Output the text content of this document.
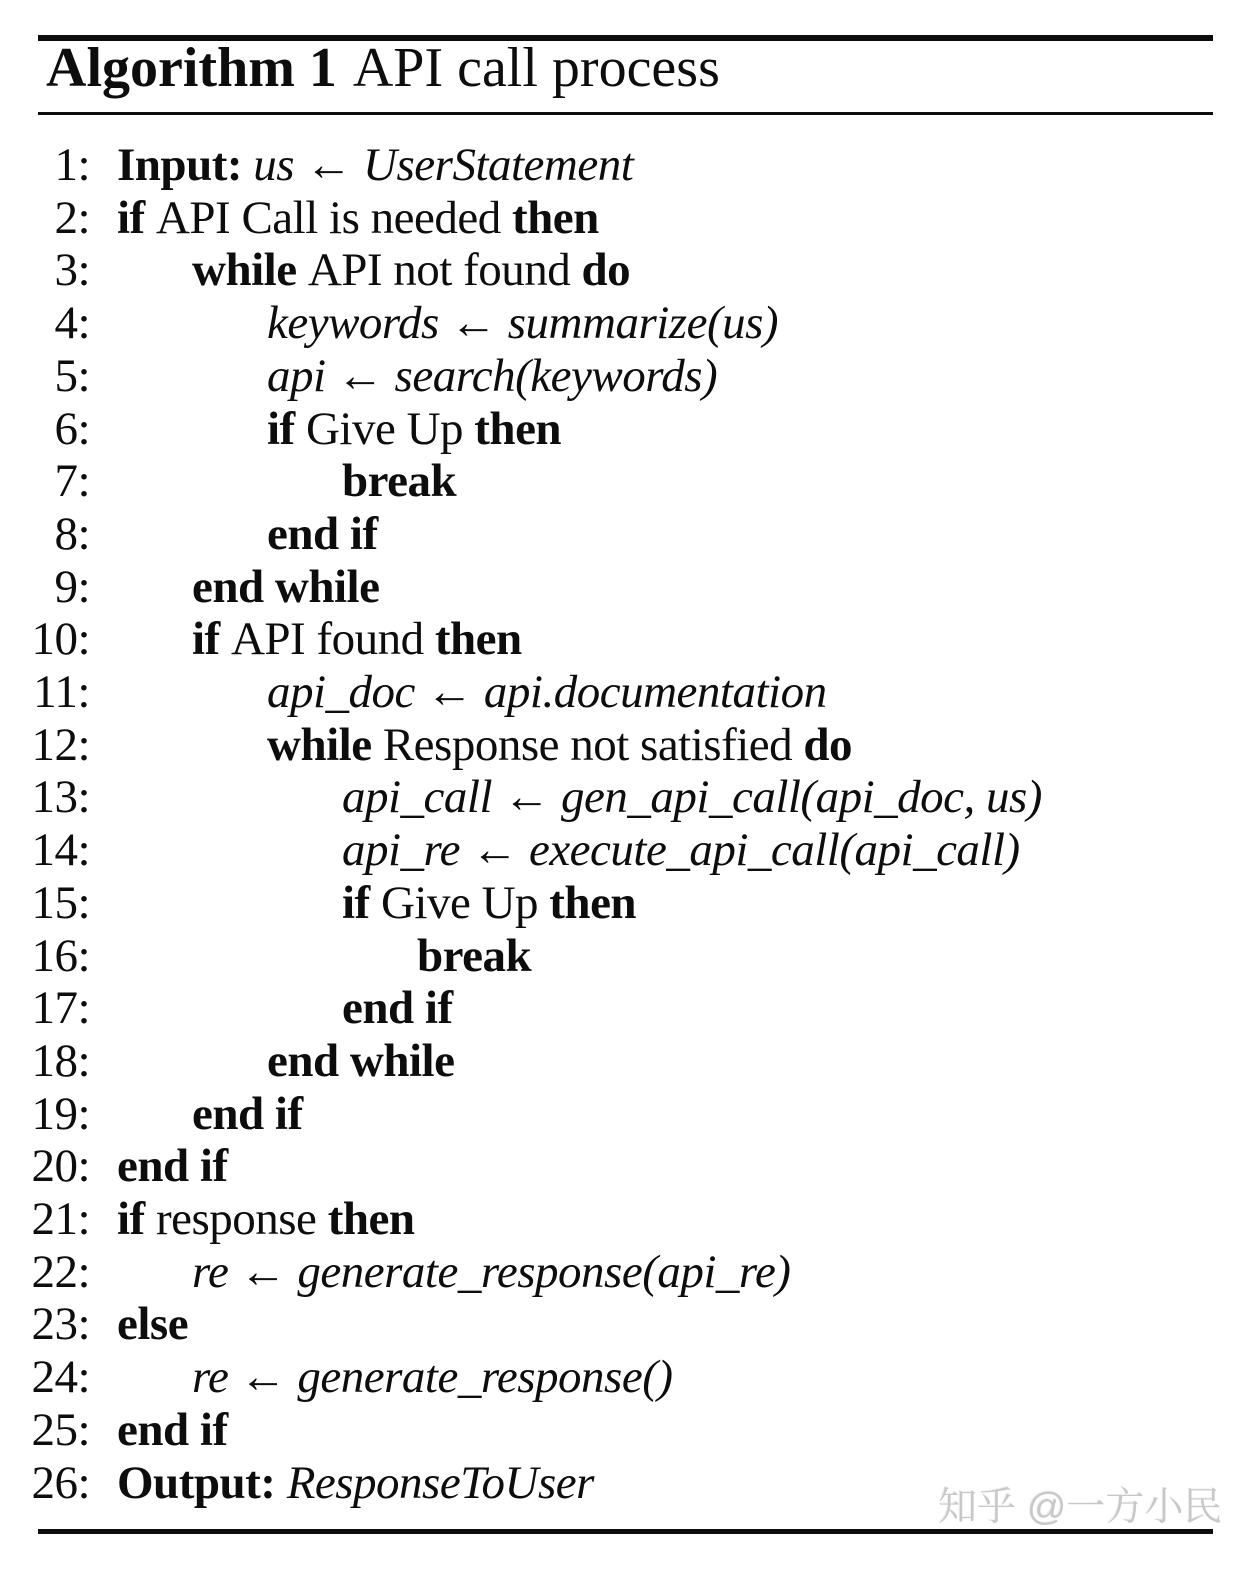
Algorithm 1 API call process
1: Input: us ← UserStatement
2: if API Call is needed then
3: while API not found do
4:	keywords ← summarize(us)
5:	api ← search(keywords)
6:	if Give Up then
7:	break
8:	end if
9: end while
10: if API found then
11:	api_doc ← api.documentation
12:	while Response not satisfied do
13:	api_call ← gen_api_call(api_doc, us)
14:	api_re ← execute_api_call(api_call)
15:	if Give Up then
16:	break
17:	end if
18:	end while
19: end if
20: end if
21: if response then
22: re ← generate_response(api_re)
23: else
24: re ← generate_response()
25: end if
26: Output: ResponseToUser	知乎 @一方小民
